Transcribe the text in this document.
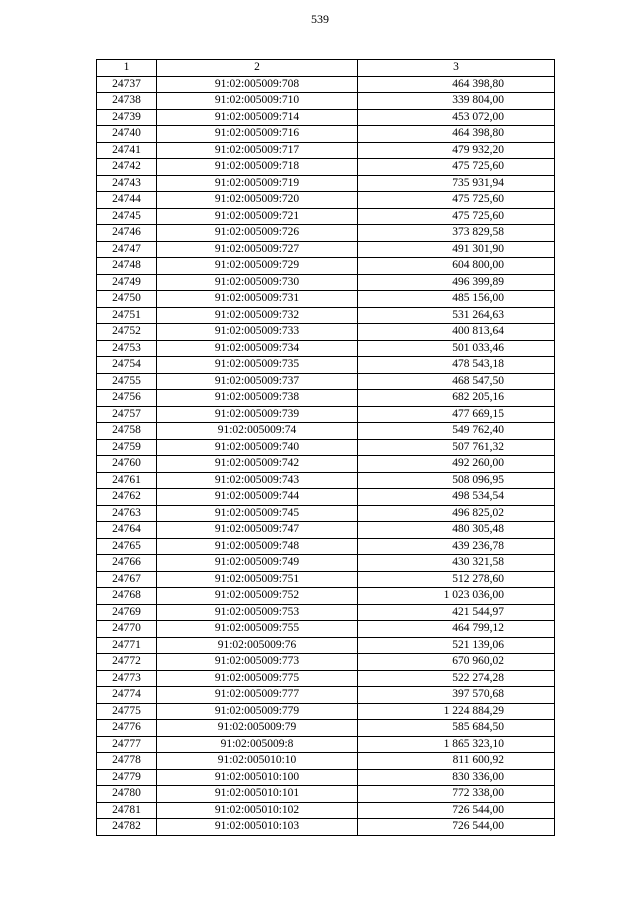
539
1	2	3
24737	91:02:005009:708	464 398,80
24738	91:02:005009:710	339 804,00
24739	91:02:005009:714	453 072,00
24740	91:02:005009:716	464 398,80
24741	91:02:005009:717	479 932,20
24742	91:02:005009:718	475 725,60
24743	91:02:005009:719	735 931,94
24744	91:02:005009:720	475 725,60
24745	91:02:005009:721	475 725,60
24746	91:02:005009:726	373 829,58
24747	91:02:005009:727	491 301,90
24748	91:02:005009:729	604 800,00
24749	91:02:005009:730	496 399,89
24750	91:02:005009:731	485 156,00
24751	91:02:005009:732	531 264,63
24752	91:02:005009:733	400 813,64
24753	91:02:005009:734	501 033,46
24754	91:02:005009:735	478 543,18
24755	91:02:005009:737	468 547,50
24756	91:02:005009:738	682 205,16
24757	91:02:005009:739	477 669,15
24758	91:02:005009:74	549 762,40
24759	91:02:005009:740	507 761,32
24760	91:02:005009:742	492 260,00
24761	91:02:005009:743	508 096,95
24762	91:02:005009:744	498 534,54
24763	91:02:005009:745	496 825,02
24764	91:02:005009:747	480 305,48
24765	91:02:005009:748	439 236,78
24766	91:02:005009:749	430 321,58
24767	91:02:005009:751	512 278,60
24768	91:02:005009:752	1 023 036,00
24769	91:02:005009:753	421 544,97
24770	91:02:005009:755	464 799,12
24771	91:02:005009:76	521 139,06
24772	91:02:005009:773	670 960,02
24773	91:02:005009:775	522 274,28
24774	91:02:005009:777	397 570,68
24775	91:02:005009:779	1 224 884,29
24776	91:02:005009:79	585 684,50
24777	91:02:005009:8	1 865 323,10
24778	91:02:005010:10	811 600,92
24779	91:02:005010:100	830 336,00
24780	91:02:005010:101	772 338,00
24781	91:02:005010:102	726 544,00
24782	91:02:005010:103	726 544,00
